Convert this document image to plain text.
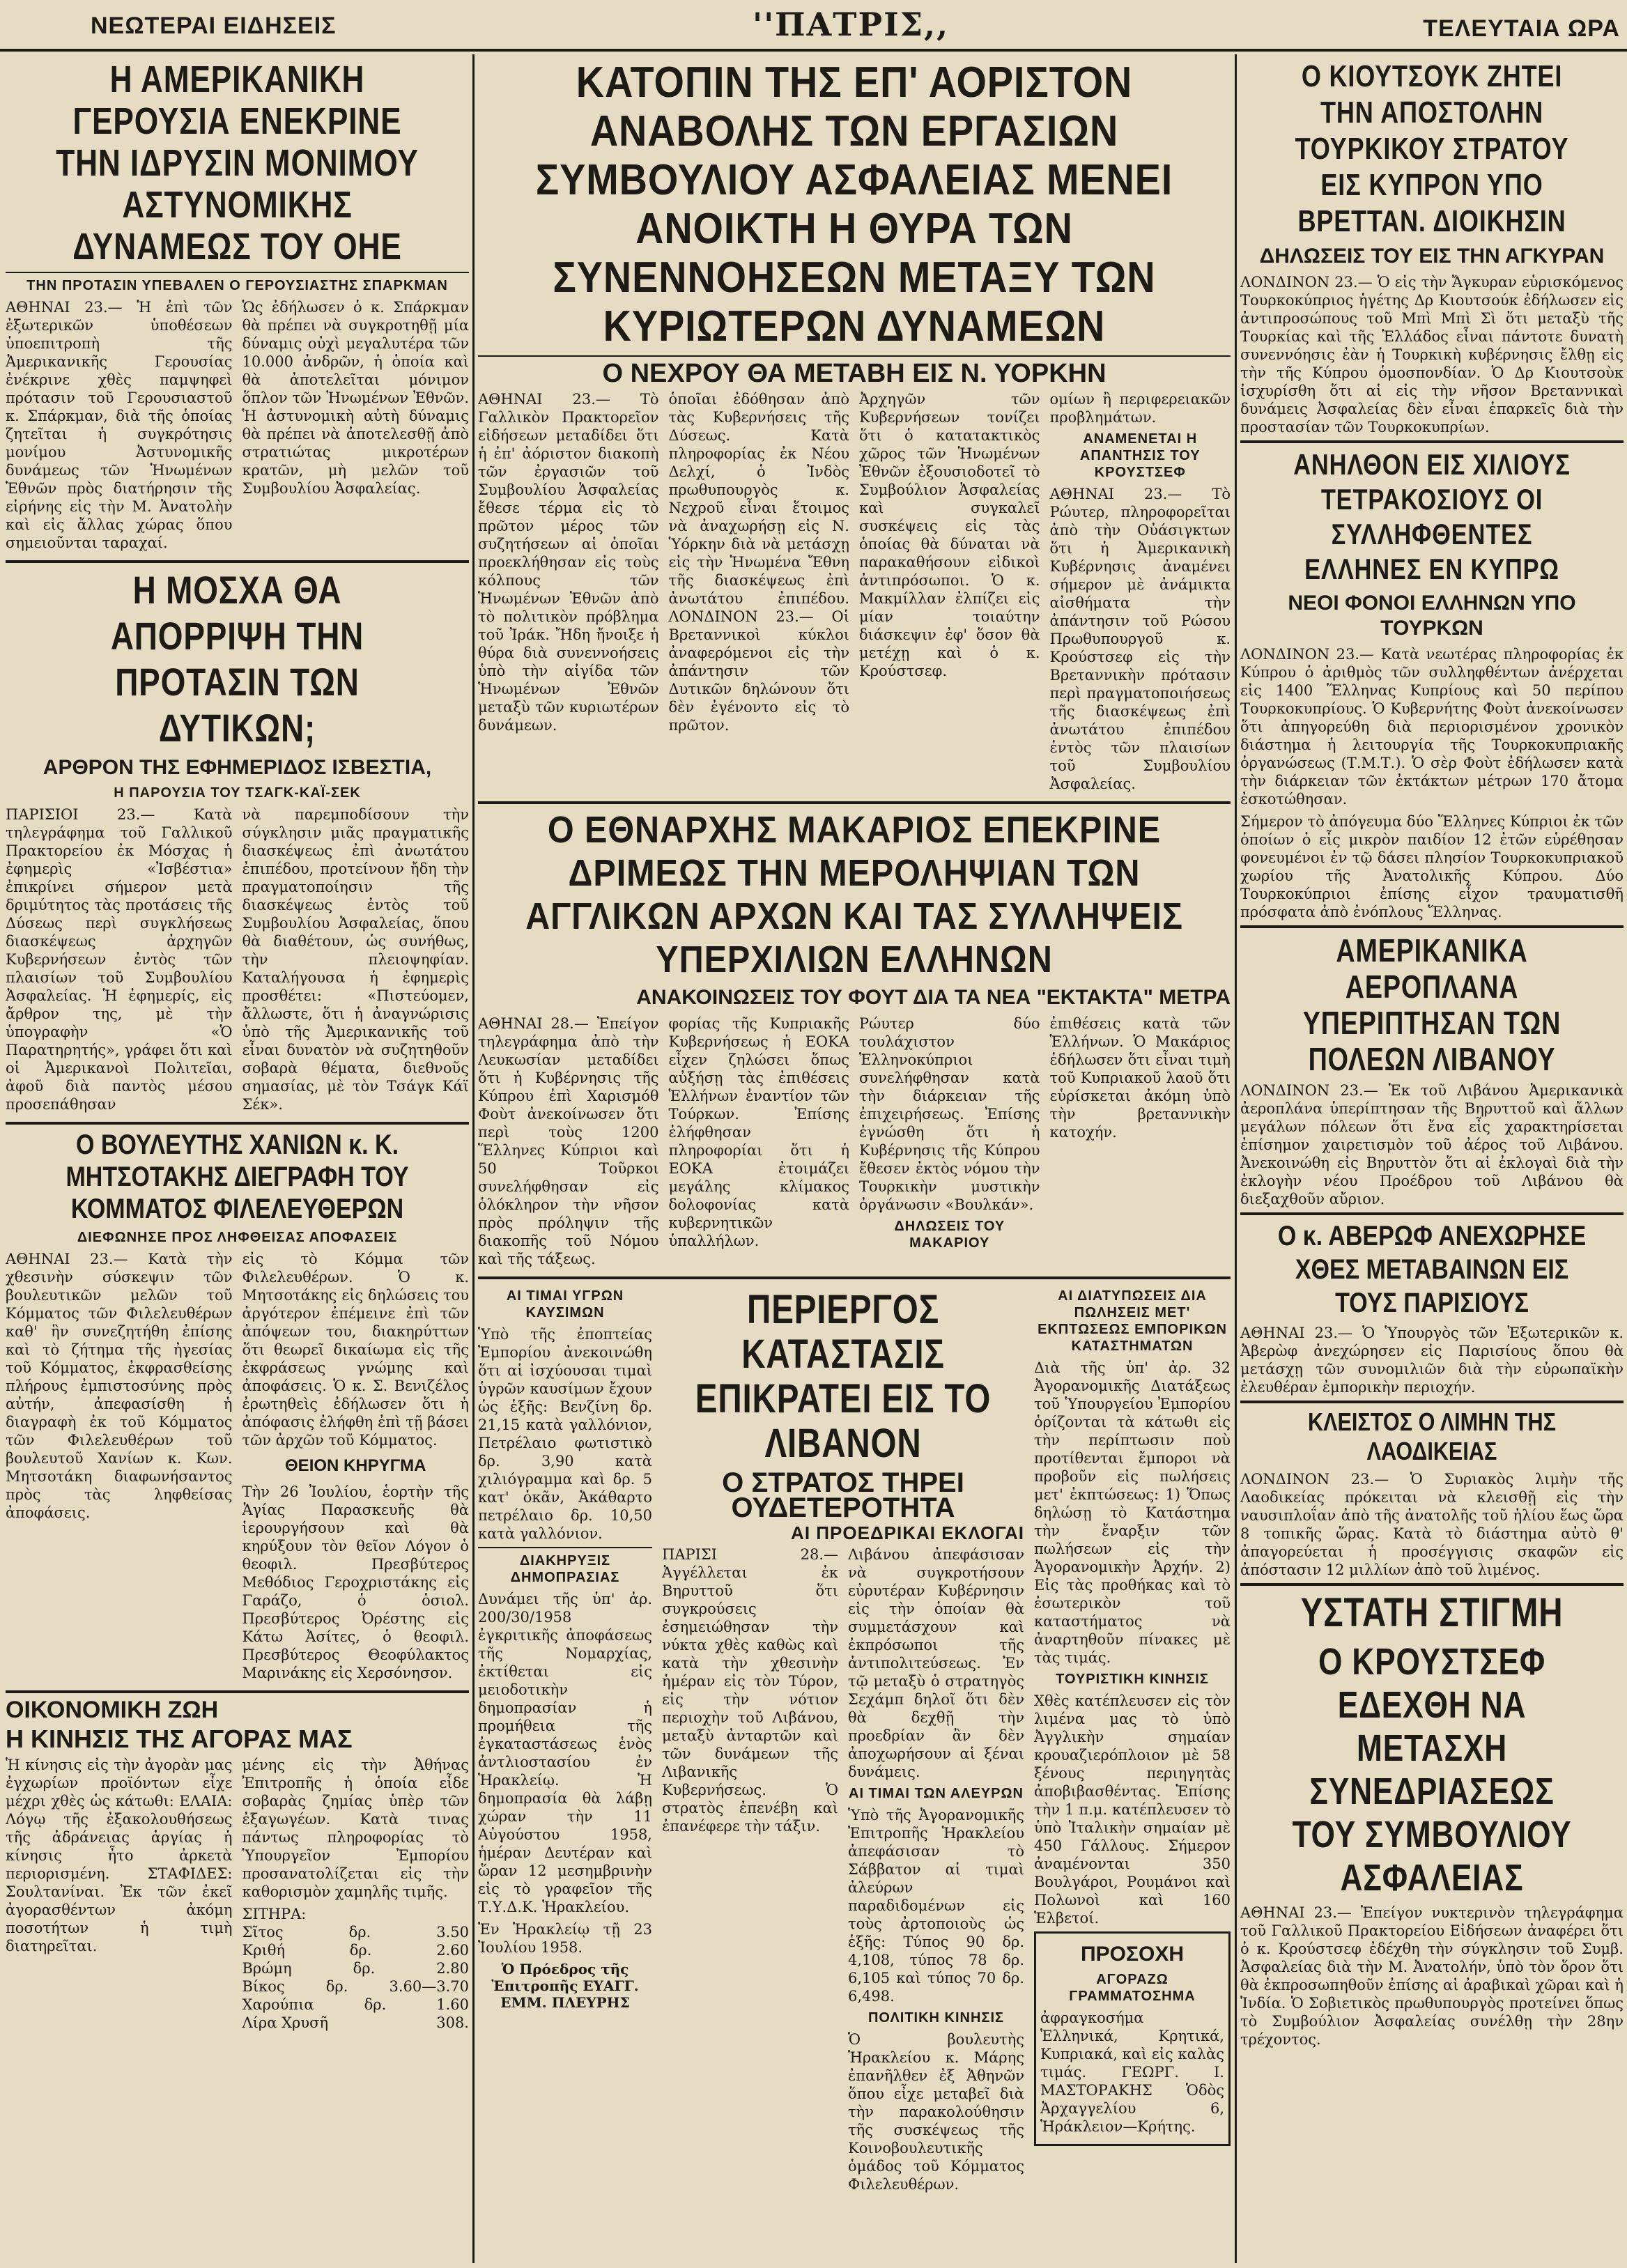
ΝΕΩΤΕΡΑΙ ΕΙΔΗΣΕΙΣ	''ΠΑΤΡΙΣ,,	ΤΕΛΕΥΤΑΙΑ ΩΡΑ
Η ΑΜΕΡΙΚΑΝΙΚΗ ΓΕΡΟΥΣΙΑ ΕΝΕΚΡΙΝΕ ΤΗΝ ΙΔΡΥΣΙΝ ΜΟΝΙΜΟΥ ΑΣΤΥΝΟΜΙΚΗΣ ΔΥΝΑΜΕΩΣ ΤΟΥ ΟΗΕ
ΤΗΝ ΠΡΟΤΑΣΙΝ ΥΠΕΒΑΛΕΝ Ο ΓΕΡΟΥΣΙΑΣΤΗΣ ΣΠΑΡΚΜΑΝ

ΑΘΗΝΑΙ 23.— Ἡ ἐπὶ τῶν ἐξωτερικῶν ὑποθέσεων ὑποεπιτροπὴ τῆς Ἀμερικανικῆς Γερουσίας ἐνέκρινε χθὲς παμψηφεὶ πρότασιν τοῦ Γερουσιαστοῦ κ. Σπάρκμαν, διὰ τῆς ὁποίας ζητεῖται ἡ συγκρότησις μονίμου Ἀστυνομικῆς δυνάμεως τῶν Ἡνωμένων Ἐθνῶν πρὸς διατήρησιν τῆς εἰρήνης εἰς τὴν Μ. Ἀνατολὴν καὶ εἰς ἄλλας χώρας ὅπου σημειοῦνται ταραχαί.

Ὡς ἐδήλωσεν ὁ κ. Σπάρκμαν θὰ πρέπει νὰ συγκροτηθῇ μία δύναμις οὐχὶ μεγαλυτέρα τῶν 10.000 ἀνδρῶν, ἡ ὁποία καὶ θὰ ἀποτελεῖται μόνιμον ὅπλον τῶν Ἡνωμένων Ἐθνῶν. Ἡ ἀστυνομικὴ αὐτὴ δύναμις θὰ πρέπει νὰ ἀποτελεσθῇ ἀπὸ στρατιώτας μικροτέρων κρατῶν, μὴ μελῶν τοῦ Συμβουλίου Ἀσφαλείας.

Η ΜΟΣΧΑ ΘΑ ΑΠΟΡΡΙΨΗ ΤΗΝ ΠΡΟΤΑΣΙΝ ΤΩΝ ΔΥΤΙΚΩΝ;
ΑΡΘΡΟΝ ΤΗΣ ΕΦΗΜΕΡΙΔΟΣ ΙΣΒΕΣΤΙΑ,
Η ΠΑΡΟΥΣΙΑ ΤΟΥ ΤΣΑΓΚ-ΚΑΪ-ΣΕΚ

ΠΑΡΙΣΙΟΙ 23.— Κατὰ τηλεγράφημα τοῦ Γαλλικοῦ Πρακτορείου ἐκ Μόσχας ἡ ἐφημερὶς «Ἰσβέστια» ἐπικρίνει σήμερον μετὰ δριμύτητος τὰς προτάσεις τῆς Δύσεως περὶ συγκλήσεως διασκέψεως ἀρχηγῶν Κυβερνήσεων ἐντὸς τῶν πλαισίων τοῦ Συμβουλίου Ἀσφαλείας. Ἡ ἐφημερίς, εἰς ἄρθρον της, μὲ τὴν ὑπογραφὴν «Ὁ Παρατηρητής», γράφει ὅτι καὶ οἱ Ἀμερικανοὶ Πολιτεῖαι, ἀφοῦ διὰ παντὸς μέσου προσεπάθησαν

νὰ παρεμποδίσουν τὴν σύγκλησιν μιᾶς πραγματικῆς διασκέψεως ἐπὶ ἀνωτάτου ἐπιπέδου, προτείνουν ἤδη τὴν πραγματοποίησιν τῆς διασκέψεως ἐντὸς τοῦ Συμβουλίου Ἀσφαλείας, ὅπου θὰ διαθέτουν, ὡς συνήθως, τὴν πλειοψηφίαν. Καταλήγουσα ἡ ἐφημερὶς προσθέτει: «Πιστεύομεν, ἄλλωστε, ὅτι ἡ ἀναγνώρισις ὑπὸ τῆς Ἀμερικανικῆς τοῦ εἶναι δυνατὸν νὰ συζητηθοῦν σοβαρὰ θέματα, διεθνοῦς σημασίας, μὲ τὸν Τσάγκ Κάϊ Σέκ».

Ο ΒΟΥΛΕΥΤΗΣ ΧΑΝΙΩΝ κ. Κ. ΜΗΤΣΟΤΑΚΗΣ ΔΙΕΓΡΑΦΗ ΤΟΥ ΚΟΜΜΑΤΟΣ ΦΙΛΕΛΕΥΘΕΡΩΝ
ΔΙΕΦΩΝΗΣΕ ΠΡΟΣ ΛΗΦΘΕΙΣΑΣ ΑΠΟΦΑΣΕΙΣ

ΑΘΗΝΑΙ 23.— Κατὰ τὴν χθεσινὴν σύσκεψιν τῶν βουλευτικῶν μελῶν τοῦ Κόμματος τῶν Φιλελευθέρων καθ' ἣν συνεζητήθη ἐπίσης καὶ τὸ ζήτημα τῆς ἠγεσίας τοῦ Κόμματος, ἐκφρασθείσης πλήρους ἐμπιστοσύνης πρὸς αὐτήν, ἀπεφασίσθη ἡ διαγραφὴ ἐκ τοῦ Κόμματος τῶν Φιλελευθέρων τοῦ βουλευτοῦ Χανίων κ. Κων. Μητσοτάκη διαφωνήσαντος πρὸς τὰς ληφθείσας ἀποφάσεις.

εἰς τὸ Κόμμα τῶν Φιλελευθέρων. Ὁ κ. Μητσοτάκης εἰς δηλώσεις του ἀργότερον ἐπέμεινε ἐπὶ τῶν ἀπόψεων του, διακηρύττων ὅτι θεωρεῖ δικαίωμα εἰς τῆς ἐκφράσεως γνώμης καὶ ἀποφάσεις. Ὁ κ. Σ. Βενιζέλος ἐρωτηθεὶς ἐδήλωσεν ὅτι ἡ ἀπόφασις ἐλήφθη ἐπὶ τῇ βάσει τῶν ἀρχῶν τοῦ Κόμματος.

ΘΕΙΟΝ ΚΗΡΥΓΜΑ

Τὴν 26 Ἰουλίου, ἑορτὴν τῆς Ἁγίας Παρασκευῆς θὰ ἱερουργήσουν καὶ θὰ κηρύξουν τὸν θεῖον Λόγον ὁ θεοφιλ. Πρεσβύτερος Μεθόδιος Γεροχριστάκης εἰς Γαράζο, ὁ ὁσιολ. Πρεσβύτερος Ὀρέστης εἰς Κάτω Ἀσίτες, ὁ θεοφιλ. Πρεσβύτερος Θεοφύλακτος Μαρινάκης εἰς Χερσόνησον.

ΟΙΚΟΝΟΜΙΚΗ ΖΩΗ
Η ΚΙΝΗΣΙΣ ΤΗΣ ΑΓΟΡΑΣ ΜΑΣ

Ἡ κίνησις εἰς τὴν ἀγορὰν μας ἐγχωρίων προϊόντων εἶχε μέχρι χθὲς ὡς κάτωθι: ΕΛΑΙΑ: Λόγῳ τῆς ἐξακολουθήσεως τῆς ἀδράνειας ἀργίας ἡ κίνησις ἦτο ἀρκετὰ περιορισμένη. ΣΤΑΦΙΔΕΣ: Σουλτανίναι. Ἐκ τῶν ἐκεῖ ἀγορασθέντων ἀκόμη ποσοτήτων ἡ τιμὴ διατηρεῖται.

μένης εἰς τὴν Ἀθήνας Ἐπιτροπῆς ἡ ὁποία εἶδε σοβαρὰς ζημίας ὑπὲρ τῶν ἐξαγωγέων. Κατὰ τινας πάντως πληροφορίας τὸ Ὑπουργεῖον Ἐμπορίου προσανατολίζεται εἰς τὴν καθορισμὸν χαμηλῆς τιμῆς.

ΣΙΤΗΡΑ:
Σῖτος	δρ.	3.50
Κριθή	δρ.	2.60
Βρώμη	δρ.	2.80
Βίκος	δρ.	3.60—3.70
Χαρούπια	δρ.	1.60
Λίρα Χρυσῆ	308.
ΚΑΤΟΠΙΝ ΤΗΣ ΕΠ' ΑΟΡΙΣΤΟΝ ΑΝΑΒΟΛΗΣ ΤΩΝ ΕΡΓΑΣΙΩΝ ΣΥΜΒΟΥΛΙΟΥ ΑΣΦΑΛΕΙΑΣ ΜΕΝΕΙ ΑΝΟΙΚΤΗ Η ΘΥΡΑ ΤΩΝ ΣΥΝΕΝΝΟΗΣΕΩΝ ΜΕΤΑΞΥ ΤΩΝ ΚΥΡΙΩΤΕΡΩΝ ΔΥΝΑΜΕΩΝ
Ο ΝΕΧΡΟΥ ΘΑ ΜΕΤΑΒΗ ΕΙΣ Ν. ΥΟΡΚΗΝ

ΑΘΗΝΑΙ 23.— Τὸ Γαλλικὸν Πρακτορεῖον εἰδήσεων μεταδίδει ὅτι ἡ ἐπ' ἀόριστον διακοπὴ τῶν ἐργασιῶν τοῦ Συμβουλίου Ἀσφαλείας ἔθεσε τέρμα εἰς τὸ πρῶτον μέρος τῶν συζητήσεων αἱ ὁποῖαι προεκλήθησαν εἰς τοὺς κόλπους τῶν Ἡνωμένων Ἐθνῶν ἀπὸ τὸ πολιτικὸν πρόβλημα τοῦ Ἰράκ. Ἤδη ἤνοιξε ἡ θύρα διὰ συνεννοήσεις ὑπὸ τὴν αἰγίδα τῶν Ἡνωμένων Ἐθνῶν μεταξὺ τῶν κυριωτέρων δυνάμεων.

ὁποῖαι ἐδόθησαν ἀπὸ τὰς Κυβερνήσεις τῆς Δύσεως. Κατὰ πληροφορίας ἐκ Νέου Δελχί, ὁ Ἰνδὸς πρωθυπουργὸς κ. Νεχροῦ εἶναι ἕτοιμος νὰ ἀναχωρήσῃ εἰς Ν. Ὑόρκην διὰ νὰ μετάσχῃ εἰς τὴν Ἡνωμένα Ἔθνη τῆς διασκέψεως ἐπὶ ἀνωτάτου ἐπιπέδου. ΛΟΝΔΙΝΟΝ 23.— Οἱ Βρεταννικοὶ κύκλοι ἀναφερόμενοι εἰς τὴν ἀπάντησιν τῶν Δυτικῶν δηλώνουν ὅτι δὲν ἐγένοντο εἰς τὸ πρῶτον.

Ἀρχηγῶν τῶν Κυβερνήσεων τονίζει ὅτι ὁ κατατακτικὸς χῶρος τῶν Ἡνωμένων Ἐθνῶν ἐξουσιοδοτεῖ τὸ Συμβούλιον Ἀσφαλείας καὶ συγκαλεῖ συσκέψεις εἰς τὰς ὁποίας θὰ δύναται νὰ παρακαθήσουν εἰδικοὶ ἀντιπρόσωποι. Ὁ κ. Μακμίλλαν ἐλπίζει εἰς μίαν τοιαύτην διάσκεψιν ἐφ' ὅσον θὰ μετέχῃ καὶ ὁ κ. Κρούστσεφ.

ομίων ἢ περιφερειακῶν προβλημάτων.

ΑΝΑΜΕΝΕΤΑΙ Η ΑΠΑΝΤΗΣΙΣ ΤΟΥ ΚΡΟΥΣΤΣΕΦ

ΑΘΗΝΑΙ 23.— Τὸ Ρώυτερ, πληροφορεῖται ἀπὸ τὴν Οὐάσιγκτων ὅτι ἡ Ἀμερικανικὴ Κυβέρνησις ἀναμένει σήμερον μὲ ἀνάμικτα αἰσθήματα τὴν ἀπάντησιν τοῦ Ρώσου Πρωθυπουργοῦ κ. Κρούστσεφ εἰς τὴν Βρεταννικὴν πρότασιν περὶ πραγματοποιήσεως τῆς διασκέψεως ἐπὶ ἀνωτάτου ἐπιπέδου ἐντὸς τῶν πλαισίων τοῦ Συμβουλίου Ἀσφαλείας.

Ο ΕΘΝΑΡΧΗΣ ΜΑΚΑΡΙΟΣ ΕΠΕΚΡΙΝΕ ΔΡΙΜΕΩΣ ΤΗΝ ΜΕΡΟΛΗΨΙΑΝ ΤΩΝ ΑΓΓΛΙΚΩΝ ΑΡΧΩΝ ΚΑΙ ΤΑΣ ΣΥΛΛΗΨΕΙΣ ΥΠΕΡΧΙΛΙΩΝ ΕΛΛΗΝΩΝ
ΑΝΑΚΟΙΝΩΣΕΙΣ ΤΟΥ ΦΟΥΤ ΔΙΑ ΤΑ ΝΕΑ "ΕΚΤΑΚΤΑ" ΜΕΤΡΑ

ΑΘΗΝΑΙ 28.— Ἐπείγον τηλεγράφημα ἀπὸ τὴν Λευκωσίαν μεταδίδει ὅτι ἡ Κυβέρνησις τῆς Κύπρου ἐπὶ Χαρισμόθ Φοὺτ ἀνεκοίνωσεν ὅτι περὶ τοὺς 1200 Ἕλληνες Κύπριοι καὶ 50 Τοῦρκοι συνελήφθησαν εἰς ὁλόκληρον τὴν νῆσον πρὸς πρόληψιν τῆς διακοπῆς τοῦ Νόμου καὶ τῆς τάξεως.

φορίας τῆς Κυπριακῆς Κυβερνήσεως ἡ ΕΟΚΑ εἶχεν ζηλώσει ὅπως αὐξήσῃ τὰς ἐπιθέσεις Ἑλλήνων ἐναντίον τῶν Τούρκων. Ἐπίσης ἐλήφθησαν πληροφορίαι ὅτι ἡ ΕΟΚΑ ἐτοιμάζει μεγάλης κλίμακος δολοφονίας κατὰ κυβερνητικῶν ὑπαλλήλων.

Ρώυτερ δύο τουλάχιστον Ἑλληνοκύπριοι συνελήφθησαν κατὰ τὴν διάρκειαν τῆς ἐπιχειρήσεως. Ἐπίσης ἐγνώσθη ὅτι ἡ Κυβέρνησις τῆς Κύπρου ἔθεσεν ἐκτὸς νόμου τὴν Τουρκικὴν μυστικὴν ὀργάνωσιν «Βουλκάν».

ΔΗΛΩΣΕΙΣ ΤΟΥ ΜΑΚΑΡΙΟΥ

ἐπιθέσεις κατὰ τῶν Ἑλλήνων. Ὁ Μακάριος ἐδήλωσεν ὅτι εἶναι τιμὴ τοῦ Κυπριακοῦ λαοῦ ὅτι εὑρίσκεται ἀκόμη ὑπὸ τὴν βρεταννικὴν κατοχήν.

ΑΙ ΤΙΜΑΙ ΥΓΡΩΝ ΚΑΥΣΙΜΩΝ

Ὑπὸ τῆς ἐποπτείας Ἐμπορίου ἀνεκοινώθη ὅτι αἱ ἰσχύουσαι τιμαὶ ὑγρῶν καυσίμων ἔχουν ὡς ἑξῆς: Βενζίνη δρ. 21,15 κατὰ γαλλόνιον, Πετρέλαιο φωτιστικὸ δρ. 3,90 κατὰ χιλιόγραμμα καὶ δρ. 5 κατ' ὀκᾶν, Ἀκάθαρτο πετρέλαιο δρ. 10,50 κατὰ γαλλόνιον.

ΔΙΑΚΗΡΥΞΙΣ ΔΗΜΟΠΡΑΣΙΑΣ

Δυνάμει τῆς ὑπ' ἀρ. 200/30/1958 ἐγκριτικῆς ἀποφάσεως τῆς Νομαρχίας, ἐκτίθεται εἰς μειοδοτικὴν δημοπρασίαν ἡ προμήθεια τῆς ἐγκαταστάσεως ἑνὸς ἀντλιοστασίου ἐν Ἡρακλείῳ. Ἡ δημοπρασία θὰ λάβῃ χώραν τὴν 11 Αὐγούστου 1958, ἡμέραν Δευτέραν καὶ ὥραν 12 μεσημβρινὴν εἰς τὸ γραφεῖον τῆς Τ.Υ.Δ.Κ. Ἡρακλείου.

Ἐν Ἡρακλείῳ τῇ 23 Ἰουλίου 1958.

Ὁ Πρόεδρος τῆς Ἐπιτροπῆς ΕΥΑΓΓ. ΕΜΜ. ΠΛΕΥΡΗΣ
ΠΕΡΙΕΡΓΟΣ ΚΑΤΑΣΤΑΣΙΣ ΕΠΙΚΡΑΤΕΙ ΕΙΣ ΤΟ ΛΙΒΑΝΟΝ
Ο ΣΤΡΑΤΟΣ ΤΗΡΕΙ ΟΥΔΕΤΕΡΟΤΗΤΑ
ΑΙ ΠΡΟΕΔΡΙΚΑΙ ΕΚΛΟΓΑΙ

ΠΑΡΙΣΙ 28.— Ἀγγέλλεται ἐκ Βηρυττοῦ ὅτι συγκρούσεις ἐσημειώθησαν τὴν νύκτα χθὲς καθὼς καὶ κατὰ τὴν χθεσινὴν ἡμέραν εἰς τὸν Τύρον, εἰς τὴν νότιον περιοχὴν τοῦ Λιβάνου, μεταξὺ ἀνταρτῶν καὶ τῶν δυνάμεων τῆς Λιβανικῆς Κυβερνήσεως. Ὁ στρατὸς ἐπενέβη καὶ ἐπανέφερε τὴν τάξιν.

Λιβάνου ἀπεφάσισαν νὰ συγκροτήσουν εὐρυτέραν Κυβέρνησιν εἰς τὴν ὁποίαν θὰ συμμετάσχουν καὶ ἐκπρόσωποι τῆς ἀντιπολιτεύσεως. Ἐν τῷ μεταξὺ ὁ στρατηγὸς Σεχάμπ δηλοῖ ὅτι δὲν θὰ δεχθῇ τὴν προεδρίαν ἂν δὲν ἀποχωρήσουν αἱ ξέναι δυνάμεις.

ΑΙ ΤΙΜΑΙ ΤΩΝ ΑΛΕΥΡΩΝ

Ὑπὸ τῆς Ἀγορανομικῆς Ἐπιτροπῆς Ἡρακλείου ἀπεφάσισαν τὸ Σάββατον αἱ τιμαὶ ἀλεύρων παραδιδομένων εἰς τοὺς ἀρτοποιοὺς ὡς ἑξῆς: Τύπος 90 δρ. 4,108, τύπος 78 δρ. 6,105 καὶ τύπος 70 δρ. 6,498.

ΠΟΛΙΤΙΚΗ ΚΙΝΗΣΙΣ

Ὁ βουλευτὴς Ἡρακλείου κ. Μάρης ἐπανῆλθεν ἐξ Ἀθηνῶν ὅπου εἶχε μεταβεῖ διὰ τὴν παρακολούθησιν τῆς συσκέψεως τῆς Κοινοβουλευτικῆς ὁμάδος τοῦ Κόμματος Φιλελευθέρων.

ΑΙ ΔΙΑΤΥΠΩΣΕΙΣ ΔΙΑ ΠΩΛΗΣΕΙΣ ΜΕΤ' ΕΚΠΤΩΣΕΩΣ ΕΜΠΟΡΙΚΩΝ ΚΑΤΑΣΤΗΜΑΤΩΝ

Διὰ τῆς ὑπ' ἀρ. 32 Ἀγορανομικῆς Διατάξεως τοῦ Ὑπουργείου Ἐμπορίου ὁρίζονται τὰ κάτωθι εἰς τὴν περίπτωσιν ποὺ προτίθενται ἔμποροι νὰ προβοῦν εἰς πωλήσεις μετ' ἐκπτώσεως: 1) Ὅπως δηλώσῃ τὸ Κατάστημα τὴν ἔναρξιν τῶν πωλήσεων εἰς τὴν Ἀγορανομικὴν Ἀρχήν. 2) Εἰς τὰς προθήκας καὶ τὸ ἐσωτερικὸν τοῦ καταστήματος νὰ ἀναρτηθοῦν πίνακες μὲ τὰς τιμάς.

ΤΟΥΡΙΣΤΙΚΗ ΚΙΝΗΣΙΣ

Χθὲς κατέπλευσεν εἰς τὸν λιμένα μας τὸ ὑπὸ Ἀγγλικὴν σημαίαν κρουαζιερόπλοιον μὲ 58 ξένους περιηγητὰς ἀποβιβασθέντας. Ἐπίσης τὴν 1 π.μ. κατέπλευσεν τὸ ὑπὸ Ἰταλικὴν σημαίαν μὲ 450 Γάλλους. Σήμερον ἀναμένονται 350 Βουλγάροι, Ρουμάνοι καὶ Πολωνοὶ καὶ 160 Ἑλβετοί.

ΠΡΟΣΟΧΗ
ΑΓΟΡΑΖΩ ΓΡΑΜΜΑΤΟΣΗΜΑ

ἀφραγκοσήμα Ἑλληνικά, Κρητικά, Κυπριακά, καὶ εἰς καλὰς τιμάς. ΓΕΩΡΓ. Ι. ΜΑΣΤΟΡΑΚΗΣ Ὁδὸς Ἀρχαγγελίου 6, Ἡράκλειον—Κρήτης.

Ο ΚΙΟΥΤΣΟΥΚ ΖΗΤΕΙ ΤΗΝ ΑΠΟΣΤΟΛΗΝ ΤΟΥΡΚΙΚΟΥ ΣΤΡΑΤΟΥ ΕΙΣ ΚΥΠΡΟΝ ΥΠΟ ΒΡΕΤΤΑΝ. ΔΙΟΙΚΗΣΙΝ
ΔΗΛΩΣΕΙΣ ΤΟΥ ΕΙΣ ΤΗΝ ΑΓΚΥΡΑΝ

ΛΟΝΔΙΝΟΝ 23.— Ὁ εἰς τὴν Ἄγκυραν εὑρισκόμενος Τουρκοκύπριος ἡγέτης Δρ Κιουτσούκ ἐδήλωσεν εἰς ἀντιπροσώπους τοῦ Μπὶ Μπὶ Σὶ ὅτι μεταξὺ τῆς Τουρκίας καὶ τῆς Ἑλλάδος εἶναι πάντοτε δυνατὴ συνεννόησις ἐὰν ἡ Τουρκικὴ κυβέρνησις ἔλθῃ εἰς τὴν τῆς Κύπρου ὁμοσπονδίαν. Ὁ Δρ Κιουτσοὺκ ἰσχυρίσθη ὅτι αἱ εἰς τὴν νῆσον Βρεταννικαὶ δυνάμεις Ἀσφαλείας δὲν εἶναι ἐπαρκεῖς διὰ τὴν προστασίαν τῶν Τουρκοκυπρίων.

ΑΝΗΛΘΟΝ ΕΙΣ ΧΙΛΙΟΥΣ ΤΕΤΡΑΚΟΣΙΟΥΣ ΟΙ ΣΥΛΛΗΦΘΕΝΤΕΣ ΕΛΛΗΝΕΣ ΕΝ ΚΥΠΡΩ
ΝΕΟΙ ΦΟΝΟΙ ΕΛΛΗΝΩΝ ΥΠΟ ΤΟΥΡΚΩΝ

ΛΟΝΔΙΝΟΝ 23.— Κατὰ νεωτέρας πληροφορίας ἐκ Κύπρου ὁ ἀριθμὸς τῶν συλληφθέντων ἀνέρχεται εἰς 1400 Ἕλληνας Κυπρίους καὶ 50 περίπου Τουρκοκυπρίους. Ὁ Κυβερνήτης Φοὺτ ἀνεκοίνωσεν ὅτι ἀπηγορεύθη διὰ περιορισμένον χρονικὸν διάστημα ἡ λειτουργία τῆς Τουρκοκυπριακῆς ὀργανώσεως (Τ.Μ.Τ.). Ὁ σὲρ Φοὺτ ἐδήλωσεν κατὰ τὴν διάρκειαν τῶν ἐκτάκτων μέτρων 170 ἄτομα ἐσκοτώθησαν.

Σήμερον τὸ ἀπόγευμα δύο Ἕλληνες Κύπριοι ἐκ τῶν ὁποίων ὁ εἷς μικρὸν παιδίον 12 ἐτῶν εὑρέθησαν φονευμένοι ἐν τῷ δάσει πλησίον Τουρκοκυπριακοῦ χωρίου τῆς Ἀνατολικῆς Κύπρου. Δύο Τουρκοκύπριοι ἐπίσης εἶχον τραυματισθῆ πρόσφατα ἀπὸ ἐνόπλους Ἕλληνας.

ΑΜΕΡΙΚΑΝΙΚΑ ΑΕΡΟΠΛΑΝΑ ΥΠΕΡΙΠΤΗΣΑΝ ΤΩΝ ΠΟΛΕΩΝ ΛΙΒΑΝΟΥ

ΛΟΝΔΙΝΟΝ 23.— Ἐκ τοῦ Λιβάνου Ἀμερικανικὰ ἀεροπλάνα ὑπερίπτησαν τῆς Βηρυττοῦ καὶ ἄλλων μεγάλων πόλεων ὅτι ἔνα εἶς χαρακτηρίσεται ἐπίσημον χαιρετισμὸν τοῦ ἀέρος τοῦ Λιβάνου. Ἀνεκοινώθη εἰς Βηρυττὸν ὅτι αἱ ἐκλογαὶ διὰ τὴν ἐκλογὴν νέου Προέδρου τοῦ Λιβάνου θὰ διεξαχθοῦν αὔριον.

Ο κ. ΑΒΕΡΩΦ ΑΝΕΧΩΡΗΣΕ ΧΘΕΣ ΜΕΤΑΒΑΙΝΩΝ ΕΙΣ ΤΟΥΣ ΠΑΡΙΣΙΟΥΣ

ΑΘΗΝΑΙ 23.— Ὁ Ὑπουργὸς τῶν Ἐξωτερικῶν κ. Ἀβερὼφ ἀνεχώρησεν εἰς Παρισίους ὅπου θὰ μετάσχῃ τῶν συνομιλιῶν διὰ τὴν εὐρωπαϊκὴν ἐλευθέραν ἐμπορικὴν περιοχήν.

ΚΛΕΙΣΤΟΣ Ο ΛΙΜΗΝ ΤΗΣ ΛΑΟΔΙΚΕΙΑΣ

ΛΟΝΔΙΝΟΝ 23.— Ὁ Συριακὸς λιμὴν τῆς Λαοδικείας πρόκειται νὰ κλεισθῇ εἰς τὴν ναυσιπλοΐαν ἀπὸ τῆς ἀνατολῆς τοῦ ἡλίου ἕως ὥρα 8 τοπικῆς ὥρας. Κατὰ τὸ διάστημα αὐτὸ θ' ἀπαγορεύεται ἡ προσέγγισις σκαφῶν εἰς ἀπόστασιν 12 μιλλίων ἀπὸ τοῦ λιμένος.

ΥΣΤΑΤΗ ΣΤΙΓΜΗ
Ο ΚΡΟΥΣΤΣΕΦ ΕΔΕΧΘΗ ΝΑ ΜΕΤΑΣΧΗ ΣΥΝΕΔΡΙΑΣΕΩΣ ΤΟΥ ΣΥΜΒΟΥΛΙΟΥ ΑΣΦΑΛΕΙΑΣ

ΑΘΗΝΑΙ 23.— Ἐπείγον νυκτερινὸν τηλεγράφημα τοῦ Γαλλικοῦ Πρακτορείου Εἰδήσεων ἀναφέρει ὅτι ὁ κ. Κρούστσεφ ἐδέχθη τὴν σύγκλησιν τοῦ Συμβ. Ἀσφαλείας διὰ τὴν Μ. Ἀνατολήν, ὑπὸ τὸν ὅρον ὅτι θὰ ἐκπροσωπηθοῦν ἐπίσης αἱ ἀραβικαὶ χῶραι καὶ ἡ Ἰνδία. Ὁ Σοβιετικὸς πρωθυπουργὸς προτείνει ὅπως τὸ Συμβούλιον Ἀσφαλείας συνέλθῃ τὴν 28ην τρέχοντος.
